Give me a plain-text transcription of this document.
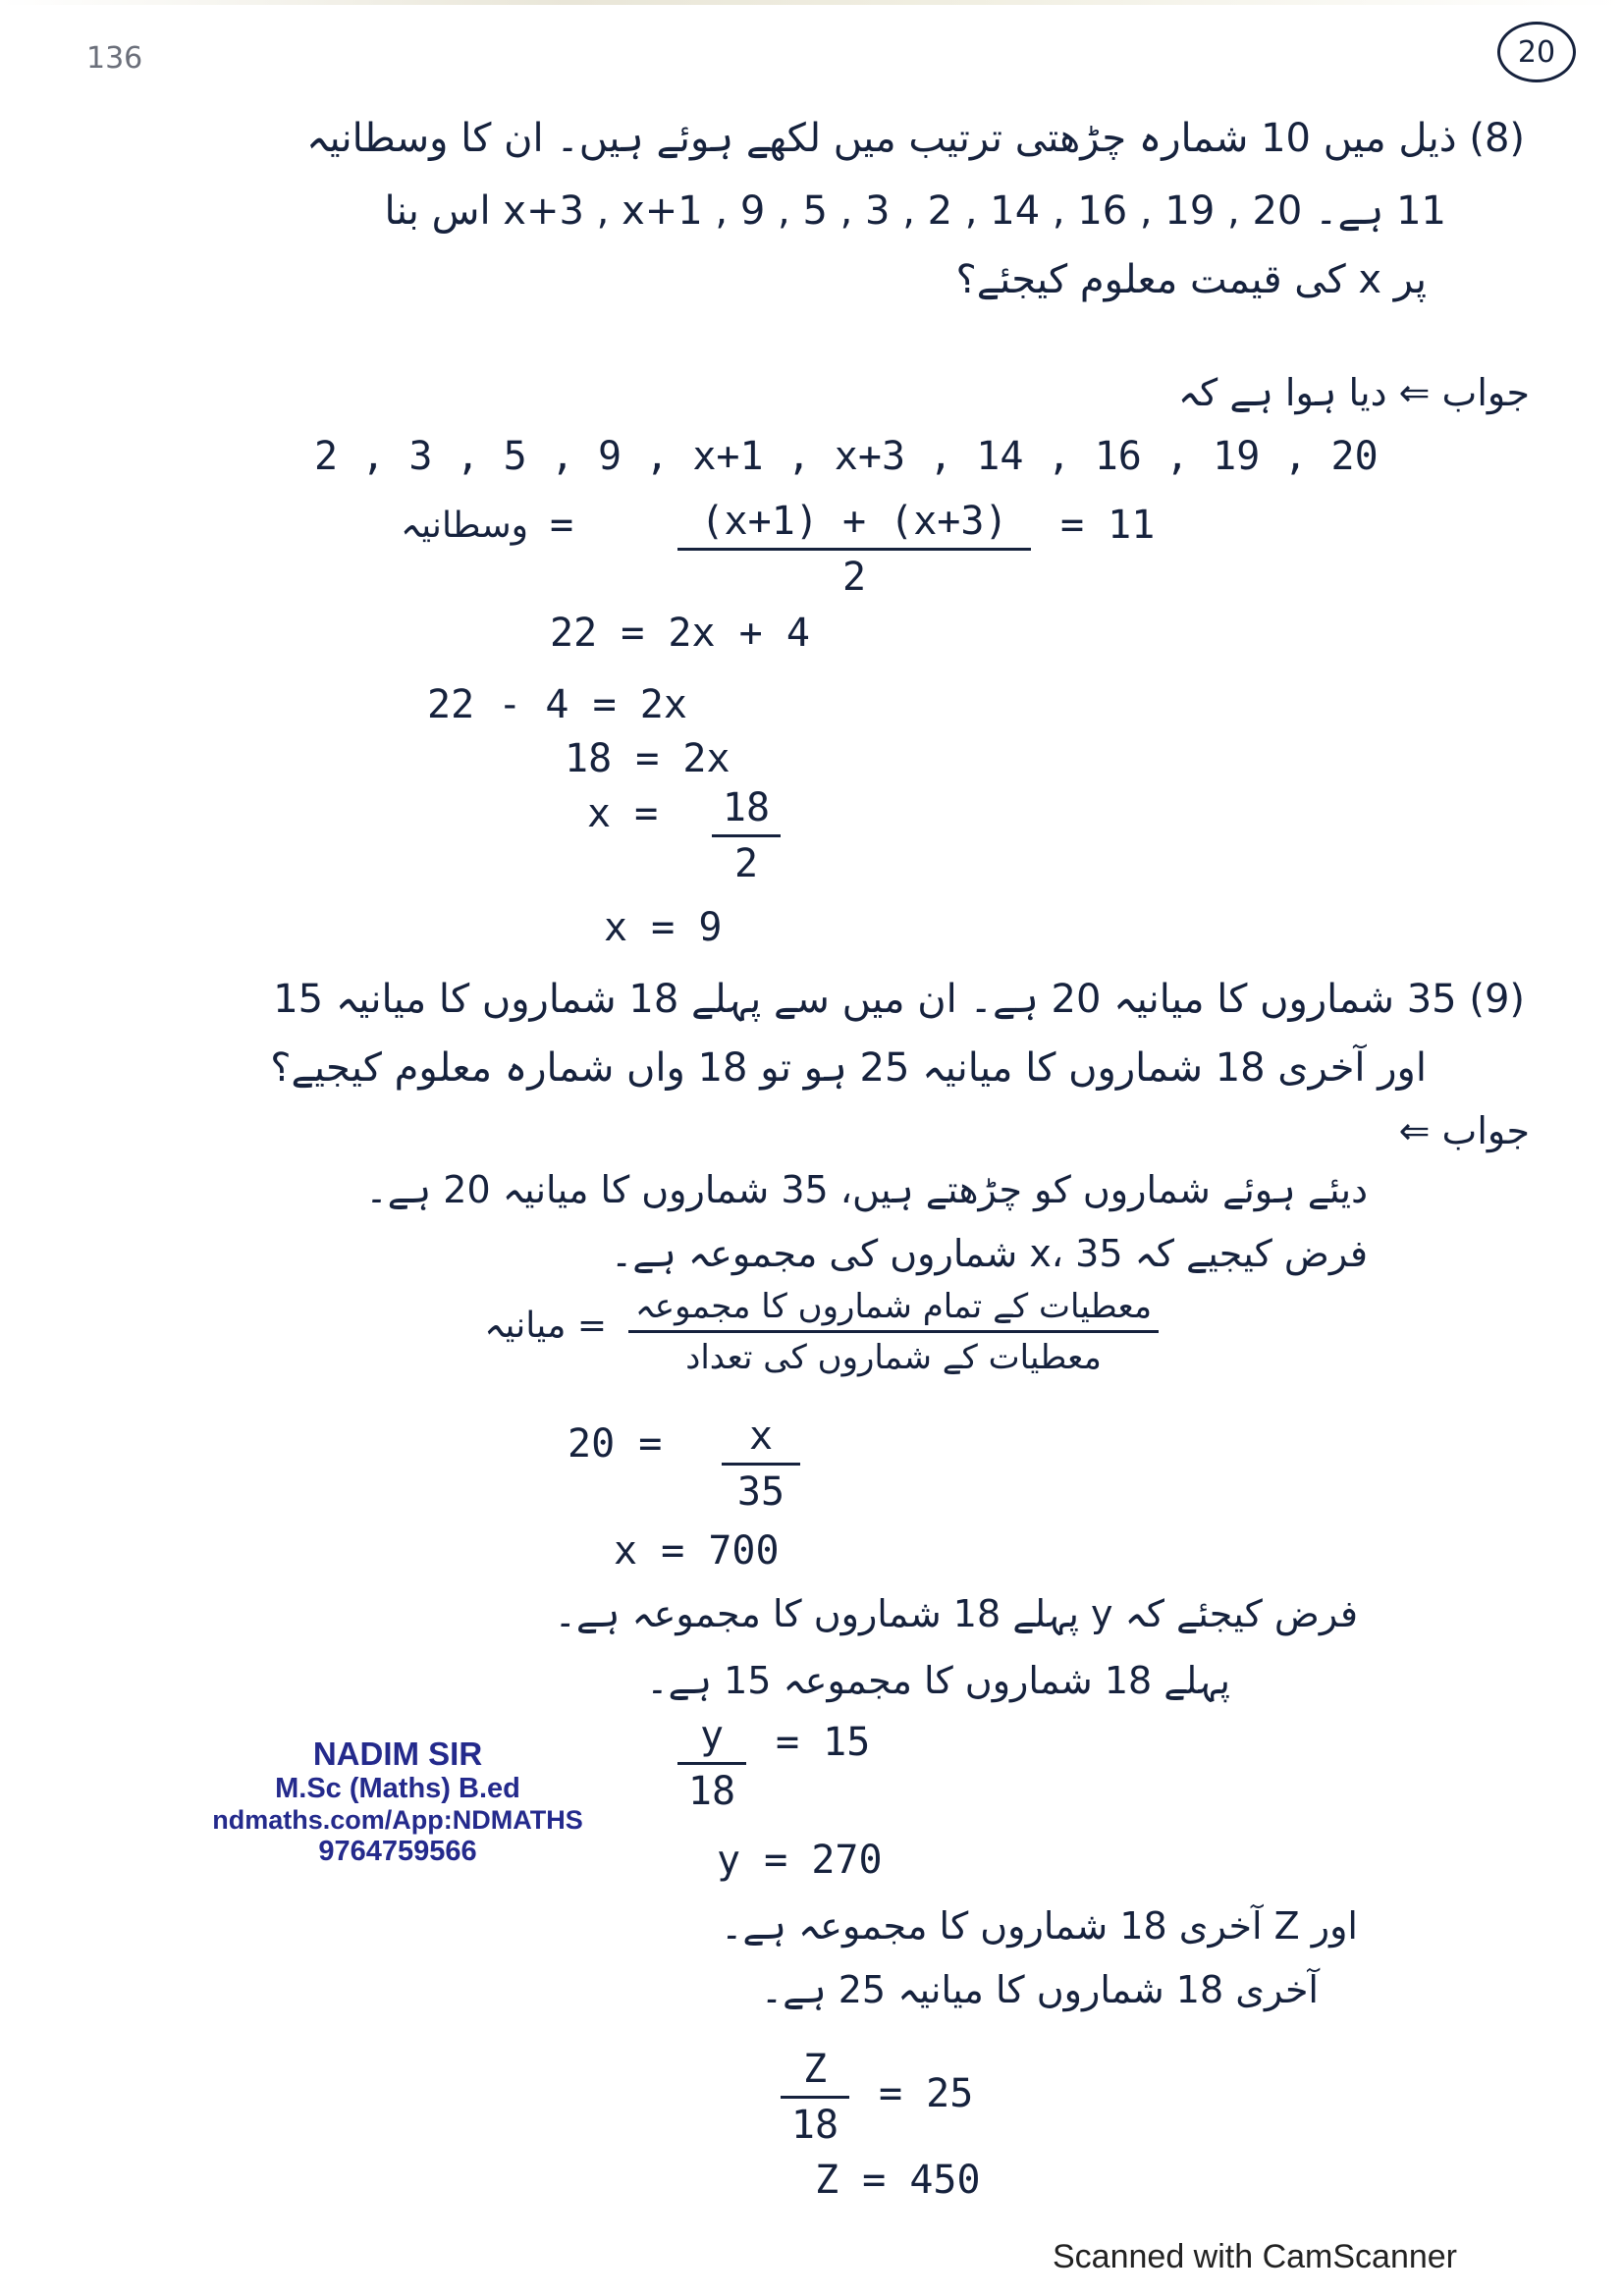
136	20
(8) ذیل میں 10 شمارہ چڑھتی ترتیب میں لکھے ہوئے ہیں۔ ان کا وسطانیہ
11 ہے۔ 20 , 19 , 16 , 14 , x+3 , x+1 , 9 , 5 , 3 , 2 اس بنا
پر x کی قیمت معلوم کیجئے؟
جواب ⇐ دیا ہوا ہے کہ
2 , 3 , 5 , 9 , x+1 , x+3 , 14 , 16 , 19 , 20
وسطانیہ =	(x+1) + (x+3)
2
= 11
22 = 2x + 4
22 - 4 = 2x
18 = 2x
x = 18
2
x = 9
(9) 35 شماروں کا میانیہ 20 ہے۔ ان میں سے پہلے 18 شماروں کا میانیہ 15
اور آخری 18 شماروں کا میانیہ 25 ہو تو 18 واں شمارہ معلوم کیجیے؟
جواب ⇐
دیئے ہوئے شماروں کو چڑھتے ہیں، 35 شماروں کا میانیہ 20 ہے۔
فرض کیجیے کہ x، 35 شماروں کی مجموعہ ہے۔
معطیات کے تمام شماروں کا مجموعہ
معطیات کے شماروں کی تعداد
= میانیہ
20 =	x
35
x = 700
فرض کیجئے کہ y پہلے 18 شماروں کا مجموعہ ہے۔
پہلے 18 شماروں کا مجموعہ 15 ہے۔
y
18
= 15
y = 270
اور Z آخری 18 شماروں کا مجموعہ ہے۔
آخری 18 شماروں کا میانیہ 25 ہے۔
Z
18
= 25
Z = 450
NADIM SIR
M.Sc (Maths) B.ed
ndmaths.com/App:NDMATHS
9764759566
Scanned with CamScanner
